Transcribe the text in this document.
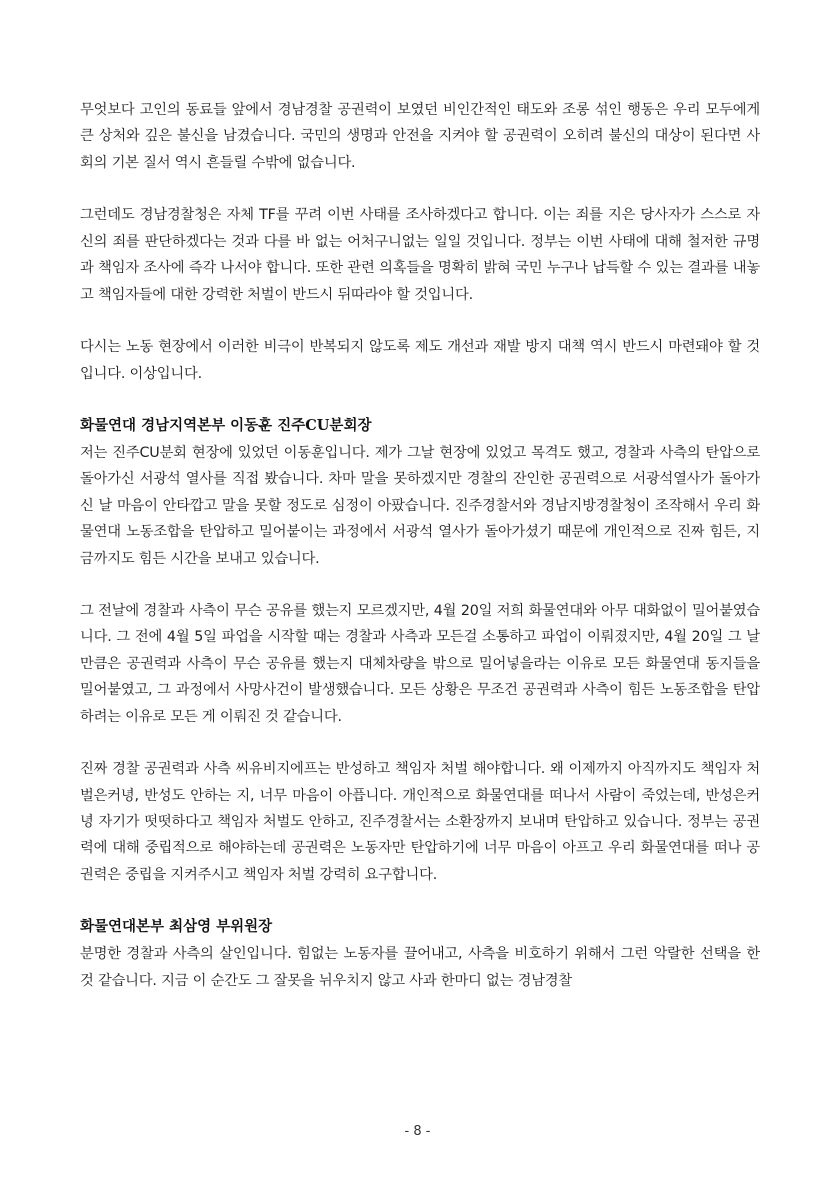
무엇보다 고인의 동료들 앞에서 경남경찰 공권력이 보였던 비인간적인 태도와 조롱 섞인 행동은 우리 모두에게 큰 상처와 깊은 불신을 남겼습니다. 국민의 생명과 안전을 지켜야 할 공권력이 오히려 불신의 대상이 된다면 사회의 기본 질서 역시 흔들릴 수밖에 없습니다.

그런데도 경남경찰청은 자체 TF를 꾸려 이번 사태를 조사하겠다고 합니다. 이는 죄를 지은 당사자가 스스로 자신의 죄를 판단하겠다는 것과 다를 바 없는 어처구니없는 일일 것입니다. 정부는 이번 사태에 대해 철저한 규명과 책임자 조사에 즉각 나서야 합니다. 또한 관련 의혹들을 명확히 밝혀 국민 누구나 납득할 수 있는 결과를 내놓고 책임자들에 대한 강력한 처벌이 반드시 뒤따라야 할 것입니다.

다시는 노동 현장에서 이러한 비극이 반복되지 않도록 제도 개선과 재발 방지 대책 역시 반드시 마련돼야 할 것입니다. 이상입니다.

화물연대 경남지역본부 이동훈 진주CU분회장

저는 진주CU분회 현장에 있었던 이동훈입니다. 제가 그날 현장에 있었고 목격도 했고, 경찰과 사측의 탄압으로 돌아가신 서광석 열사를 직접 봤습니다. 차마 말을 못하겠지만 경찰의 잔인한 공권력으로 서광석열사가 돌아가신 날 마음이 안타깝고 말을 못할 정도로 심정이 아팠습니다. 진주경찰서와 경남지방경찰청이 조작해서 우리 화물연대 노동조합을 탄압하고 밀어붙이는 과정에서 서광석 열사가 돌아가셨기 때문에 개인적으로 진짜 힘든, 지금까지도 힘든 시간을 보내고 있습니다.

그 전날에 경찰과 사측이 무슨 공유를 했는지 모르겠지만, 4월 20일 저희 화물연대와 아무 대화없이 밀어붙였습니다. 그 전에 4월 5일 파업을 시작할 때는 경찰과 사측과 모든걸 소통하고 파업이 이뤄졌지만, 4월 20일 그 날 만큼은 공권력과 사측이 무슨 공유를 했는지 대체차량을 밖으로 밀어넣을라는 이유로 모든 화물연대 동지들을 밀어붙였고, 그 과정에서 사망사건이 발생했습니다. 모든 상황은 무조건 공권력과 사측이 힘든 노동조합을 탄압하려는 이유로 모든 게 이뤄진 것 같습니다.

진짜 경찰 공권력과 사측 씨유비지에프는 반성하고 책임자 처벌 해야합니다. 왜 이제까지 아직까지도 책임자 처벌은커녕, 반성도 안하는 지, 너무 마음이 아픕니다. 개인적으로 화물연대를 떠나서 사람이 죽었는데, 반성은커녕 자기가 떳떳하다고 책임자 처벌도 안하고, 진주경찰서는 소환장까지 보내며 탄압하고 있습니다. 정부는 공권력에 대해 중립적으로 해야하는데 공권력은 노동자만 탄압하기에 너무 마음이 아프고 우리 화물연대를 떠나 공권력은 중립을 지켜주시고 책임자 처벌 강력히 요구합니다.

화물연대본부 최삼영 부위원장

분명한 경찰과 사측의 살인입니다. 힘없는 노동자를 끌어내고, 사측을 비호하기 위해서 그런 악랄한 선택을 한 것 같습니다. 지금 이 순간도 그 잘못을 뉘우치지 않고 사과 한마디 없는 경남경찰

- 8 -
